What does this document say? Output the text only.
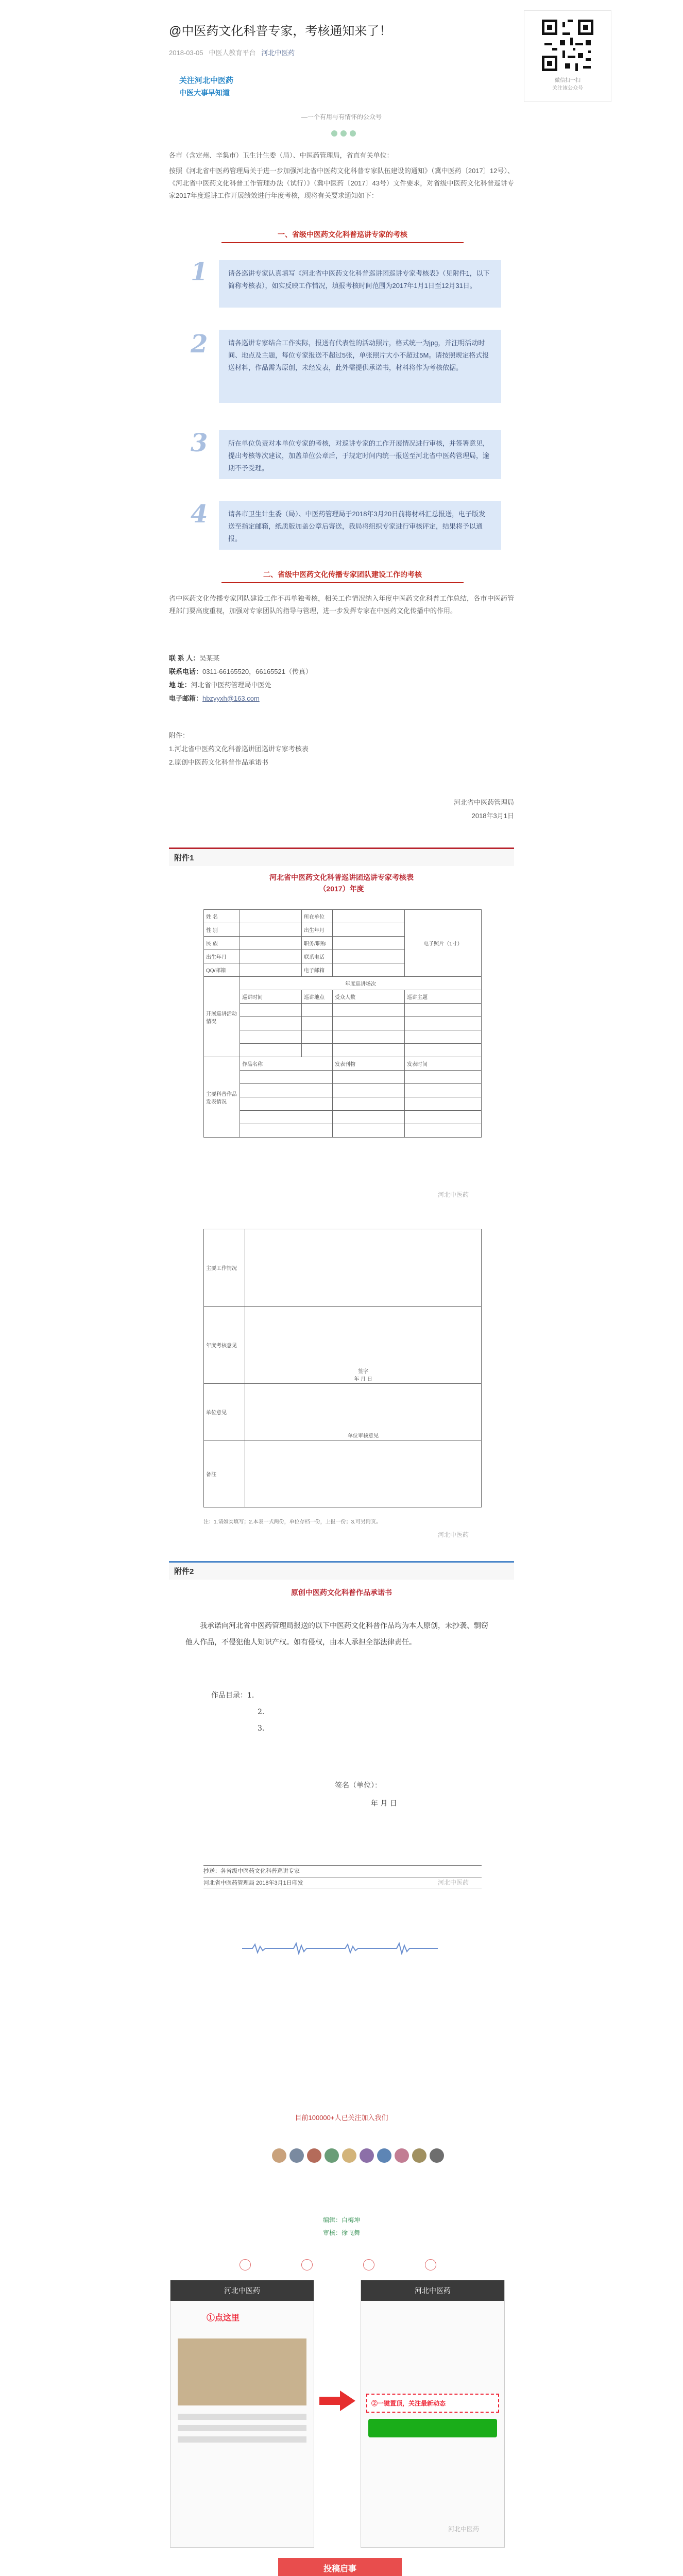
微信扫一扫
关注该公众号
@中医药文化科普专家，考核通知来了！
2018-03-05 中医人教育平台 河北中医药
关注河北中医药
中医大事早知道
—一个有用与有情怀的公众号
各市（含定州、辛集市）卫生计生委（局）、中医药管理局，省直有关单位：
按照《河北省中医药管理局关于进一步加强河北省中医药文化科普专家队伍建设的通知》（冀中医药〔2017〕12号）、《河北省中医药文化科普工作管理办法（试行）》（冀中医药〔2017〕43号）文件要求，对省级中医药文化科普巡讲专家2017年度巡讲工作开展绩效进行年度考核，现将有关要求通知如下：
一、省级中医药文化科普巡讲专家的考核
1	请各巡讲专家认真填写《河北省中医药文化科普巡讲团巡讲专家考核表》（见附件1，以下简称考核表），如实反映工作情况，填报考核时间范围为2017年1月1日至12月31日。
2	请各巡讲专家结合工作实际，报送有代表性的活动照片，格式统一为jpg，并注明活动时间、地点及主题，每位专家报送不超过5张，单张照片大小不超过5M。请按照规定格式报送材料，作品需为原创，未经发表，此外需提供承诺书，材料将作为考核依据。
3	所在单位负责对本单位专家的考核，对巡讲专家的工作开展情况进行审核，并签署意见，提出考核等次建议，加盖单位公章后，于规定时间内统一报送至河北省中医药管理局，逾期不予受理。
4	请各市卫生计生委（局）、中医药管理局于2018年3月20日前将材料汇总报送，电子版发送至指定邮箱，纸质版加盖公章后寄送，我局将组织专家进行审核评定，结果将予以通报。
二、省级中医药文化传播专家团队建设工作的考核
省中医药文化传播专家团队建设工作不再单独考核，相关工作情况纳入年度中医药文化科普工作总结，各市中医药管理部门要高度重视，加强对专家团队的指导与管理，进一步发挥专家在中医药文化传播中的作用。
联 系 人：吴某某
联系电话：0311-66165520，66165521（传真）
地 址：河北省中医药管理局中医处
电子邮箱：hbzyyxh@163.com
附件：
1.河北省中医药文化科普巡讲团巡讲专家考核表
2.原创中医药文化科普作品承诺书
河北省中医药管理局
2018年3月1日
附件1
河北省中医药文化科普巡讲团巡讲专家考核表
（2017）年度
姓 名		所在单位		电子照片（1寸）
性 别		出生年月		
民 族		职务/职称		
出生年月		联系电话		
QQ/邮箱		电子邮箱		
开展巡讲活动情况	年度巡讲场次			
	巡讲时间	巡讲地点	受众人数	巡讲主题

主要科普作品发表情况	作品名称		发表刊物	发表时间

河北中医药
主要工作情况	
年度考核意见	签字
年 月 日
单位意见	单位审核意见
备注	
注：1.请如实填写；2.本表一式两份，单位存档一份，上报一份；3.可另附页。
河北中医药
附件2
原创中医药文化科普作品承诺书
我承诺向河北省中医药管理局报送的以下中医药文化科普作品均为本人原创，未抄袭、剽窃他人作品，不侵犯他人知识产权。如有侵权，由本人承担全部法律责任。
作品目录：1.
2.
3.
签名（单位）：
年 月 日
抄送：各省级中医药文化科普巡讲专家
河北省中医药管理局 2018年3月1日印发	河北中医药
目前100000+人已关注加入我们
编辑：白梅坤
审核：徐飞舞
河北中医药
①点这里
河北中医药
②一键置顶，关注最新动态
河北中医药
投稿启事
